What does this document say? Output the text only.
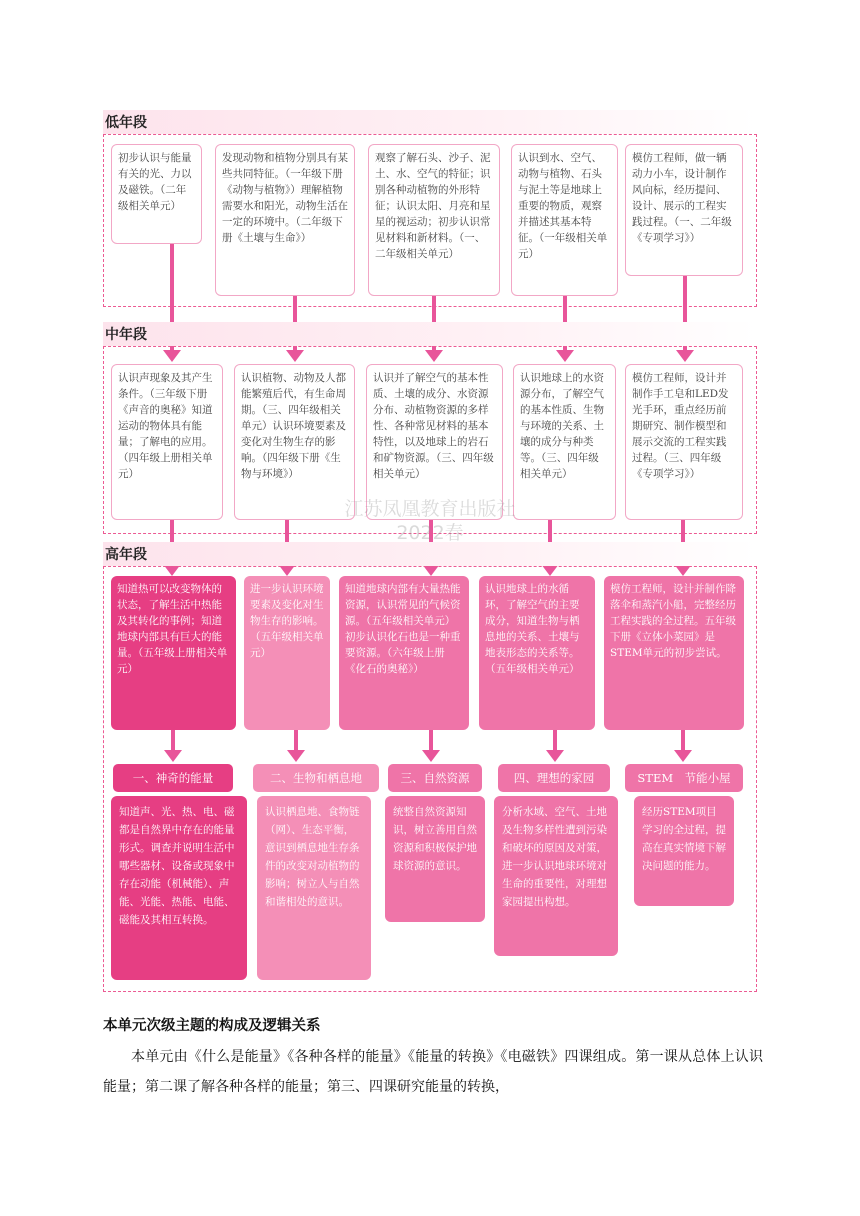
低年段
初步认识与能量有关的光、力以及磁铁。（二年级相关单元）
发现动物和植物分别具有某些共同特征。（一年级下册《动物与植物》）理解植物需要水和阳光，动物生活在一定的环境中。（二年级下册《土壤与生命》）
观察了解石头、沙子、泥土、水、空气的特征；识别各种动植物的外形特征；认识太阳、月亮和星星的视运动；初步认识常见材料和新材料。（一、二年级相关单元）
认识到水、空气、动物与植物、石头与泥土等是地球上重要的物质，观察并描述其基本特征。（一年级相关单元）
模仿工程师，做一辆动力小车，设计制作风向标，经历提问、设计、展示的工程实践过程。（一、二年级《专项学习》）
中年段
认识声现象及其产生条件。（三年级下册《声音的奥秘》知道运动的物体具有能量；了解电的应用。（四年级上册相关单元）
认识植物、动物及人都能繁殖后代，有生命周期。（三、四年级相关单元）认识环境要素及变化对生物生存的影响。（四年级下册《生物与环境》）
认识并了解空气的基本性质、土壤的成分、水资源分布、动植物资源的多样性、各种常见材料的基本特性，以及地球上的岩石和矿物资源。（三、四年级相关单元）
认识地球上的水资源分布，了解空气的基本性质、生物与环境的关系、土壤的成分与种类等。（三、四年级相关单元）
模仿工程师，设计并制作手工皂和LED发光手环，重点经历前期研究、制作模型和展示交流的工程实践过程。（三、四年级《专项学习》）
高年段
知道热可以改变物体的状态，了解生活中热能及其转化的事例；知道地球内部具有巨大的能量。（五年级上册相关单元）
进一步认识环境要素及变化对生物生存的影响。（五年级相关单元）
知道地球内部有大量热能资源，认识常见的气候资源。（五年级相关单元）初步认识化石也是一种重要资源。（六年级上册《化石的奥秘》）
认识地球上的水循环，了解空气的主要成分，知道生物与栖息地的关系、土壤与地表形态的关系等。（五年级相关单元）
模仿工程师，设计并制作降落伞和蒸汽小船，完整经历工程实践的全过程。五年级下册《立体小菜园》是STEM单元的初步尝试。
一、神奇的能量	二、生物和栖息地	三、自然资源	四、理想的家园	STEM　节能小屋
知道声、光、热、电、磁都是自然界中存在的能量形式。调查并说明生活中哪些器材、设备或现象中存在动能（机械能）、声能、光能、热能、电能、磁能及其相互转换。
认识栖息地、食物链（网）、生态平衡，意识到栖息地生存条件的改变对动植物的影响；树立人与自然和谐相处的意识。
统整自然资源知识，树立善用自然资源和积极保护地球资源的意识。
分析水域、空气、土地及生物多样性遭到污染和破坏的原因及对策，进一步认识地球环境对生命的重要性，对理想家园提出构想。
经历STEM项目学习的全过程，提高在真实情境下解决问题的能力。
江苏凤凰教育出版社
2022春
本单元次级主题的构成及逻辑关系
本单元由《什么是能量》《各种各样的能量》《能量的转换》《电磁铁》四课组成。第一课从总体上认识能量；第二课了解各种各样的能量；第三、四课研究能量的转换，
